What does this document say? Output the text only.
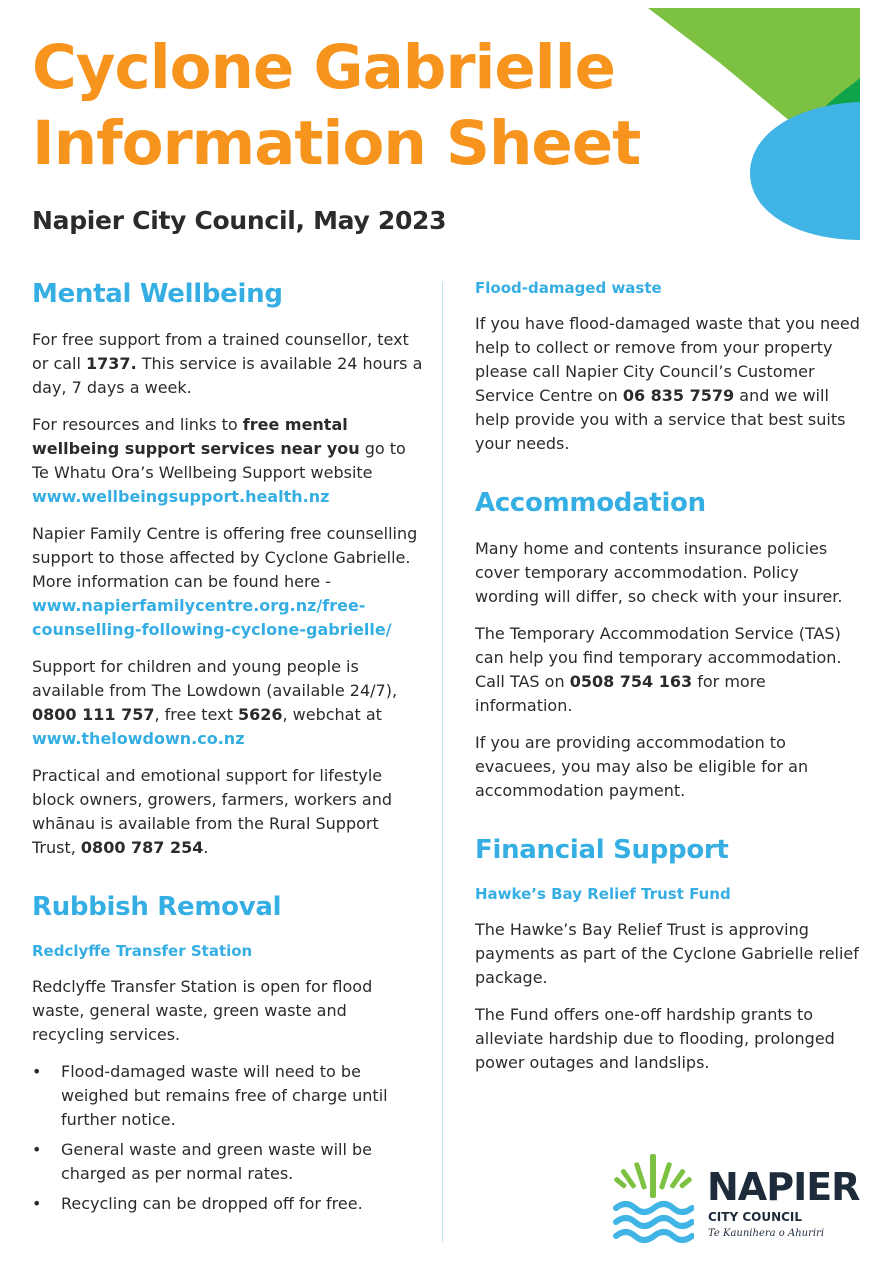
Cyclone Gabrielle
Information Sheet
Napier City Council, May 2023
Mental Wellbeing

For free support from a trained counsellor, text or call 1737. This service is available 24 hours a day, 7 days a week.

For resources and links to free mental wellbeing support services near you go to Te Whatu Ora’s Wellbeing Support website www.wellbeingsupport.health.nz

Napier Family Centre is offering free counselling support to those affected by Cyclone Gabrielle.
More information can be found here - www.napierfamilycentre.org.nz/free-counselling-following-cyclone-gabrielle/

Support for children and young people is available from The Lowdown (available 24/7), 0800 111 757, free text 5626, webchat at www.thelowdown.co.nz

Practical and emotional support for lifestyle block owners, growers, farmers, workers and whānau is available from the Rural Support Trust, 0800 787 254.

Rubbish Removal
Redclyffe Transfer Station

Redclyffe Transfer Station is open for flood waste, general waste, green waste and recycling services.

• Flood-damaged waste will need to be weighed but remains free of charge until further notice.
• General waste and green waste will be charged as per normal rates.
• Recycling can be dropped off for free.
Flood-damaged waste

If you have flood-damaged waste that you need help to collect or remove from your property please call Napier City Council’s Customer Service Centre on 06 835 7579 and we will help provide you with a service that best suits your needs.

Accommodation

Many home and contents insurance policies cover temporary accommodation. Policy wording will differ, so check with your insurer.

The Temporary Accommodation Service (TAS) can help you find temporary accommodation. Call TAS on 0508 754 163 for more information.

If you are providing accommodation to evacuees, you may also be eligible for an accommodation payment.

Financial Support
Hawke’s Bay Relief Trust Fund

The Hawke’s Bay Relief Trust is approving payments as part of the Cyclone Gabrielle relief package.

The Fund offers one-off hardship grants to alleviate hardship due to flooding, prolonged power outages and landslips.

NAPIER
CITY COUNCIL
Te Kaunihera o Ahuriri
